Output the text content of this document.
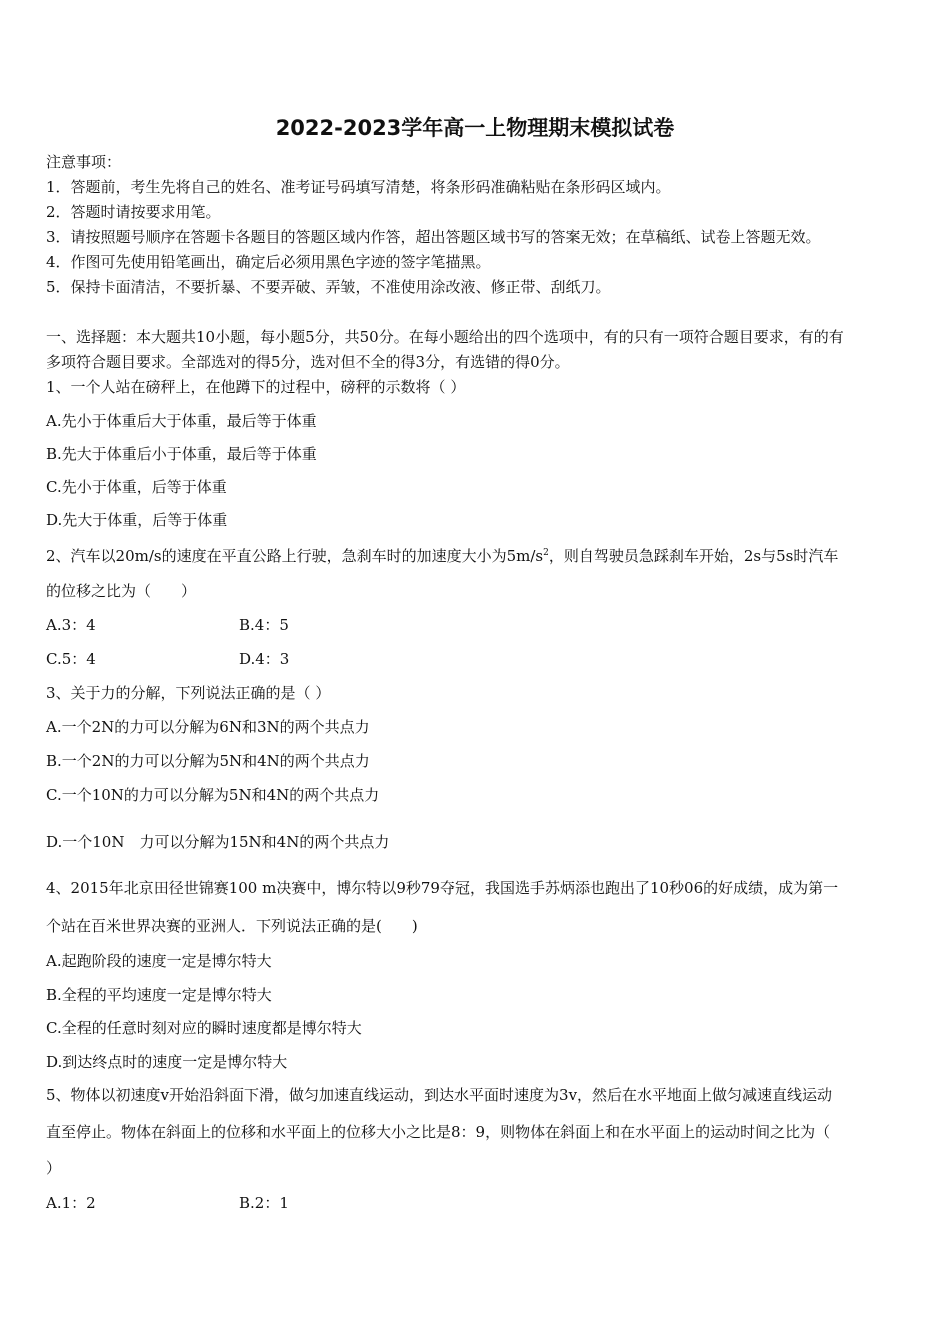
2022-2023学年高一上物理期末模拟试卷
注意事项：
1．答题前，考生先将自己的姓名、准考证号码填写清楚，将条形码准确粘贴在条形码区域内。
2．答题时请按要求用笔。
3．请按照题号顺序在答题卡各题目的答题区域内作答，超出答题区域书写的答案无效；在草稿纸、试卷上答题无效。
4．作图可先使用铅笔画出，确定后必须用黑色字迹的签字笔描黑。
5．保持卡面清洁，不要折暴、不要弄破、弄皱，不准使用涂改液、修正带、刮纸刀。
一、选择题：本大题共10小题，每小题5分，共50分。在每小题给出的四个选项中，有的只有一项符合题目要求，有的有
多项符合题目要求。全部选对的得5分，选对但不全的得3分，有选错的得0分。
1、一个人站在磅秤上，在他蹲下的过程中，磅秤的示数将（ ）
A.先小于体重后大于体重，最后等于体重
B.先大于体重后小于体重，最后等于体重
C.先小于体重，后等于体重
D.先大于体重，后等于体重
2、汽车以20m/s的速度在平直公路上行驶，急刹车时的加速度大小为$5m/s^2$，则自驾驶员急踩刹车开始，2s与5s时汽车
的位移之比为（　　）
A.3：4	B.4：5
C.5：4	D.4：3
3、关于力的分解，下列说法正确的是（ ）
A.一个2N的力可以分解为6N和3N的两个共点力
B.一个2N的力可以分解为5N和4N的两个共点力
C.一个10N的力可以分解为5N和4N的两个共点力
D.一个10N　力可以分解为15N和4N的两个共点力
4、2015年北京田径世锦赛100 m决赛中，博尔特以9秒79夺冠，我国选手苏炳添也跑出了10秒06的好成绩，成为第一
个站在百米世界决赛的亚洲人．下列说法正确的是(　　)
A.起跑阶段的速度一定是博尔特大
B.全程的平均速度一定是博尔特大
C.全程的任意时刻对应的瞬时速度都是博尔特大
D.到达终点时的速度一定是博尔特大
5、物体以初速度v开始沿斜面下滑，做匀加速直线运动，到达水平面时速度为3v，然后在水平地面上做匀减速直线运动
直至停止。物体在斜面上的位移和水平面上的位移大小之比是8：9，则物体在斜面上和在水平面上的运动时间之比为（
）
A.1：2	B.2：1
